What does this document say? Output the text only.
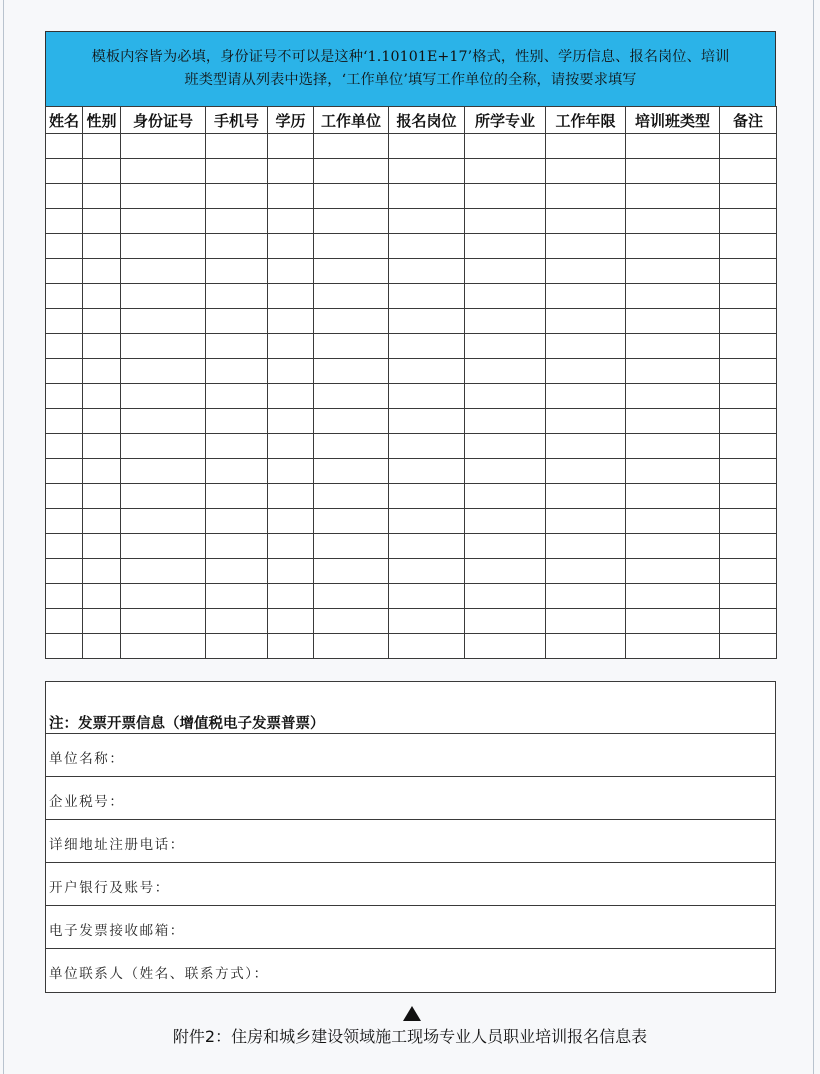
模板内容皆为必填，身份证号不可以是这种‘1.10101E+17’格式，性别、学历信息、报名岗位、培训
班类型请从列表中选择，‘工作单位’填写工作单位的全称，请按要求填写
姓名	性别	身份证号	手机号	学历	工作单位	报名岗位	所学专业	工作年限	培训班类型	备注

注：发票开票信息（增值税电子发票普票）
单位名称：
企业税号：
详细地址注册电话：
开户银行及账号：
电子发票接收邮箱：
单位联系人（姓名、联系方式）：
附件2：住房和城乡建设领域施工现场专业人员职业培训报名信息表
